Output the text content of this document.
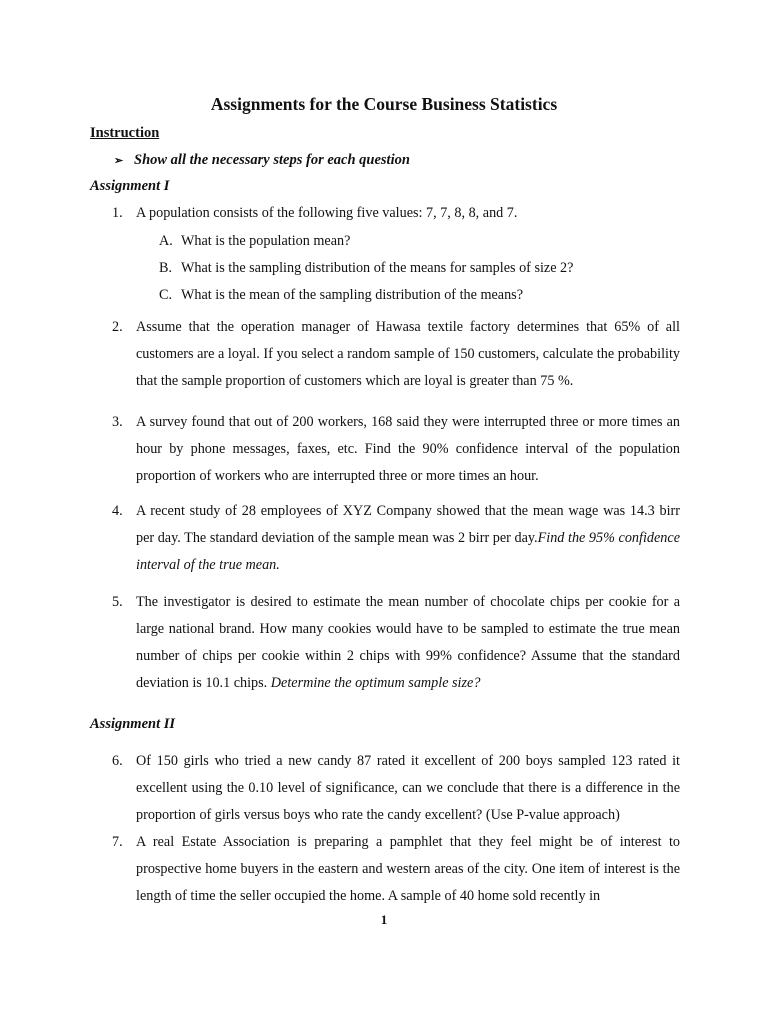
Assignments for the Course Business Statistics
Instruction
➢ Show all the necessary steps for each question
Assignment I
1. A population consists of the following five values: 7, 7, 8, 8, and 7.
A. What is the population mean?
B. What is the sampling distribution of the means for samples of size 2?
C. What is the mean of the sampling distribution of the means?
2. Assume that the operation manager of Hawasa textile factory determines that 65% of all customers are a loyal. If you select a random sample of 150 customers, calculate the probability that the sample proportion of customers which are loyal is greater than 75 %.
3. A survey found that out of 200 workers, 168 said they were interrupted three or more times an hour by phone messages, faxes, etc. Find the 90% confidence interval of the population proportion of workers who are interrupted three or more times an hour.
4. A recent study of 28 employees of XYZ Company showed that the mean wage was 14.3 birr per day. The standard deviation of the sample mean was 2 birr per day.Find the 95% confidence interval of the true mean.
5. The investigator is desired to estimate the mean number of chocolate chips per cookie for a large national brand. How many cookies would have to be sampled to estimate the true mean number of chips per cookie within 2 chips with 99% confidence? Assume that the standard deviation is 10.1 chips. Determine the optimum sample size?
Assignment II
6. Of 150 girls who tried a new candy 87 rated it excellent of 200 boys sampled 123 rated it excellent using the 0.10 level of significance, can we conclude that there is a difference in the proportion of girls versus boys who rate the candy excellent? (Use P-value approach)
7. A real Estate Association is preparing a pamphlet that they feel might be of interest to prospective home buyers in the eastern and western areas of the city. One item of interest is the length of time the seller occupied the home. A sample of 40 home sold recently in
1
